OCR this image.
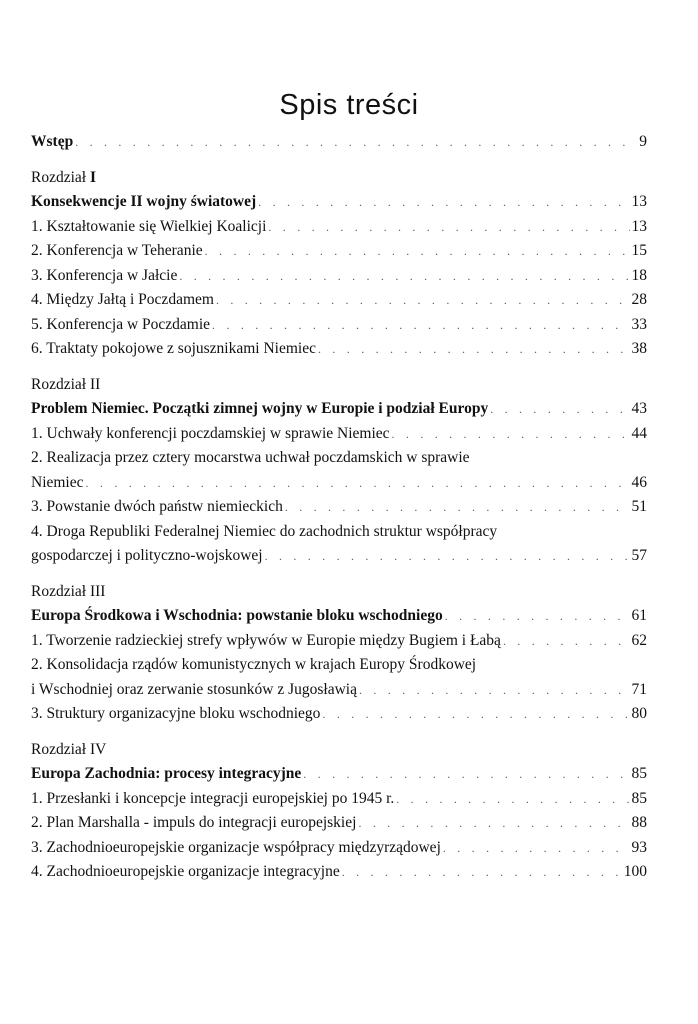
Spis treści
Wstęp . . .	9
Rozdział I
Konsekwencje II wojny światowej . . .	13
1. Kształtowanie się Wielkiej Koalicji . . .	13
2. Konferencja w Teheranie . . .	15
3. Konferencja w Jałcie . . .	18
4. Między Jałtą i Poczdamem . . .	28
5. Konferencja w Poczdamie . . .	33
6. Traktaty pokojowe z sojusznikami Niemiec . . .	38
Rozdział II
Problem Niemiec. Początki zimnej wojny w Europie i podział Europy . . .	43
1. Uchwały konferencji poczdamskiej w sprawie Niemiec . . .	44
2. Realizacja przez cztery mocarstwa uchwał poczdamskich w sprawie
Niemiec . . .	46
3. Powstanie dwóch państw niemieckich . . .	51
4. Droga Republiki Federalnej Niemiec do zachodnich struktur współpracy
gospodarczej i polityczno-wojskowej . . .	57
Rozdział III
Europa Środkowa i Wschodnia: powstanie bloku wschodniego . . .	61
1. Tworzenie radzieckiej strefy wpływów w Europie między Bugiem i Łabą . . .	62
2. Konsolidacja rządów komunistycznych w krajach Europy Środkowej
i Wschodniej oraz zerwanie stosunków z Jugosławią . . .	71
3. Struktury organizacyjne bloku wschodniego . . .	80
Rozdział IV
Europa Zachodnia: procesy integracyjne . . .	85
1. Przesłanki i koncepcje integracji europejskiej po 1945 r. . . .	85
2. Plan Marshalla - impuls do integracji europejskiej . . .	88
3. Zachodnioeuropejskie organizacje współpracy międzyrządowej . . .	93
4. Zachodnioeuropejskie organizacje integracyjne . . .	100
